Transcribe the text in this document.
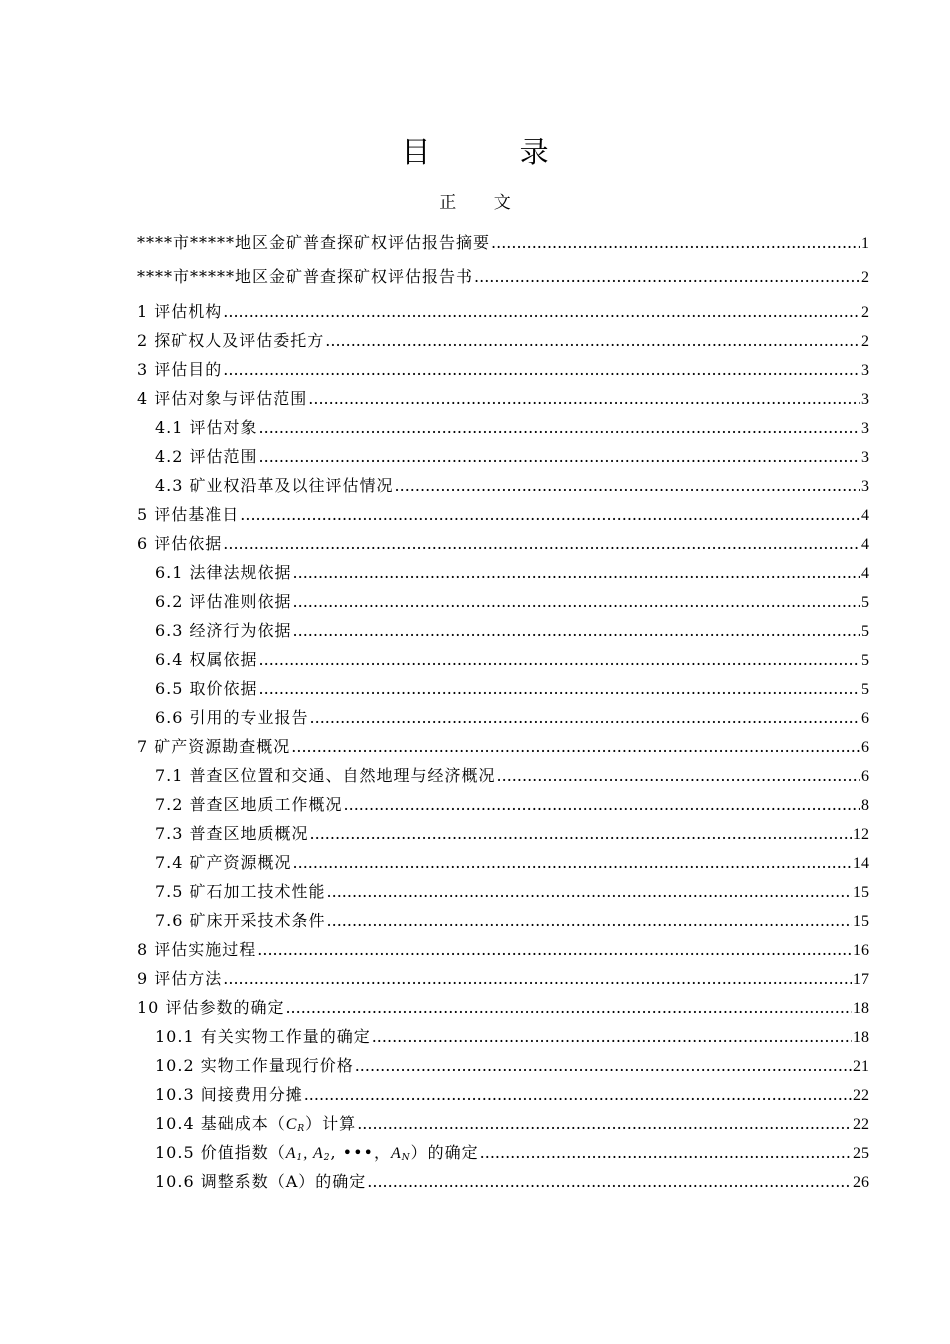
目 录
正 文
****市*****地区金矿普查探矿权评估报告摘要 .....	1
****市*****地区金矿普查探矿权评估报告书 .....	2
1 评估机构 .....	2
2 探矿权人及评估委托方 .....	2
3 评估目的 .....	3
4 评估对象与评估范围 .....	3
4.1 评估对象 .....	3
4.2 评估范围 .....	3
4.3 矿业权沿革及以往评估情况 .....	3
5 评估基准日 .....	4
6 评估依据 .....	4
6.1 法律法规依据 .....	4
6.2 评估准则依据 .....	5
6.3 经济行为依据 .....	5
6.4 权属依据 .....	5
6.5 取价依据 .....	5
6.6 引用的专业报告 .....	6
7 矿产资源勘查概况 .....	6
7.1 普查区位置和交通、自然地理与经济概况 .....	6
7.2 普查区地质工作概况 .....	8
7.3 普查区地质概况 .....	12
7.4 矿产资源概况 .....	14
7.5 矿石加工技术性能 .....	15
7.6 矿床开采技术条件 .....	15
8 评估实施过程 .....	16
9 评估方法 .....	17
10 评估参数的确定 .....	18
10.1 有关实物工作量的确定 .....	18
10.2 实物工作量现行价格 .....	21
10.3 间接费用分摊 .....	22
10.4 基础成本$(C_R)$计算 .....	22
10.5 价值指数（$A_1$, $A_2$, •••，$A_N$）的确定 .....	25
10.6 调整系数（A）的确定 .....	26
